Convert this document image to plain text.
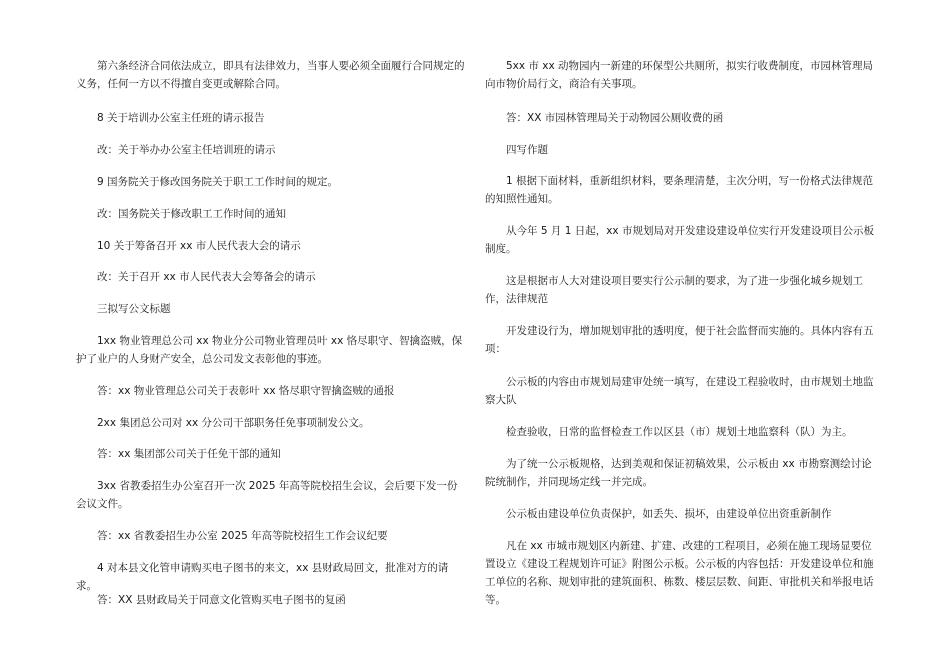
第六条经济合同依法成立，即具有法律效力，当事人要必须全面履行合同规定的义务，任何一方以不得擅自变更或解除合同。

8 关于培训办公室主任班的请示报告

改：关于举办办公室主任培训班的请示

9 国务院关于修改国务院关于职工工作时间的规定。

改：国务院关于修改职工工作时间的通知

10 关于筹备召开 xx 市人民代表大会的请示

改：关于召开 xx 市人民代表大会筹备会的请示

三拟写公文标题

1xx 物业管理总公司 xx 物业分公司物业管理员叶 xx 恪尽职守、智擒盗贼，保护了业户的人身财产安全，总公司发文表彰他的事迹。

答：xx 物业管理总公司关于表彰叶 xx 恪尽职守智擒盗贼的通报

2xx 集团总公司对 xx 分公司干部职务任免事项制发公文。

答：xx 集团部公司关于任免干部的通知

3xx 省教委招生办公室召开一次 2025 年高等院校招生会议，会后要下发一份会议文件。

答：xx 省教委招生办公室 2025 年高等院校招生工作会议纪要

4 对本县文化管申请购买电子图书的来文，xx 县财政局回文，批准对方的请求。

答：XX 县财政局关于同意文化管购买电子图书的复函

5xx 市 xx 动物园内一新建的环保型公共厕所，拟实行收费制度，市园林管理局向市物价局行文，商洽有关事项。

答：XX 市园林管理局关于动物园公厕收费的函

四写作题

1 根据下面材料，重新组织材料，要条理清楚，主次分明，写一份格式法律规范的知照性通知。

从今年 5 月 1 日起，xx 市规划局对开发建设建设单位实行开发建设项目公示板制度。

这是根据市人大对建设项目要实行公示制的要求，为了进一步强化城乡规划工作，法律规范

开发建设行为，增加规划审批的透明度，便于社会监督而实施的。具体内容有五项：

公示板的内容由市规划局建审处统一填写，在建设工程验收时，由市规划土地监察大队

检查验收，日常的监督检查工作以区县（市）规划土地监察科（队）为主。

为了统一公示板规格，达到美观和保证初稿效果，公示板由 xx 市勘察测绘讨论院统制作，并同现场定线一并完成。

公示板由建设单位负责保护，如丢失、损坏，由建设单位出资重新制作

凡在 xx 市城市规划区内新建、扩建、改建的工程项目，必须在施工现场显要位置设立《建设工程规划许可证》附图公示板。公示板的内容包括：开发建设单位和施工单位的名称、规划审批的建筑面积、栋数、楼层层数、间距、审批机关和举报电话等。
